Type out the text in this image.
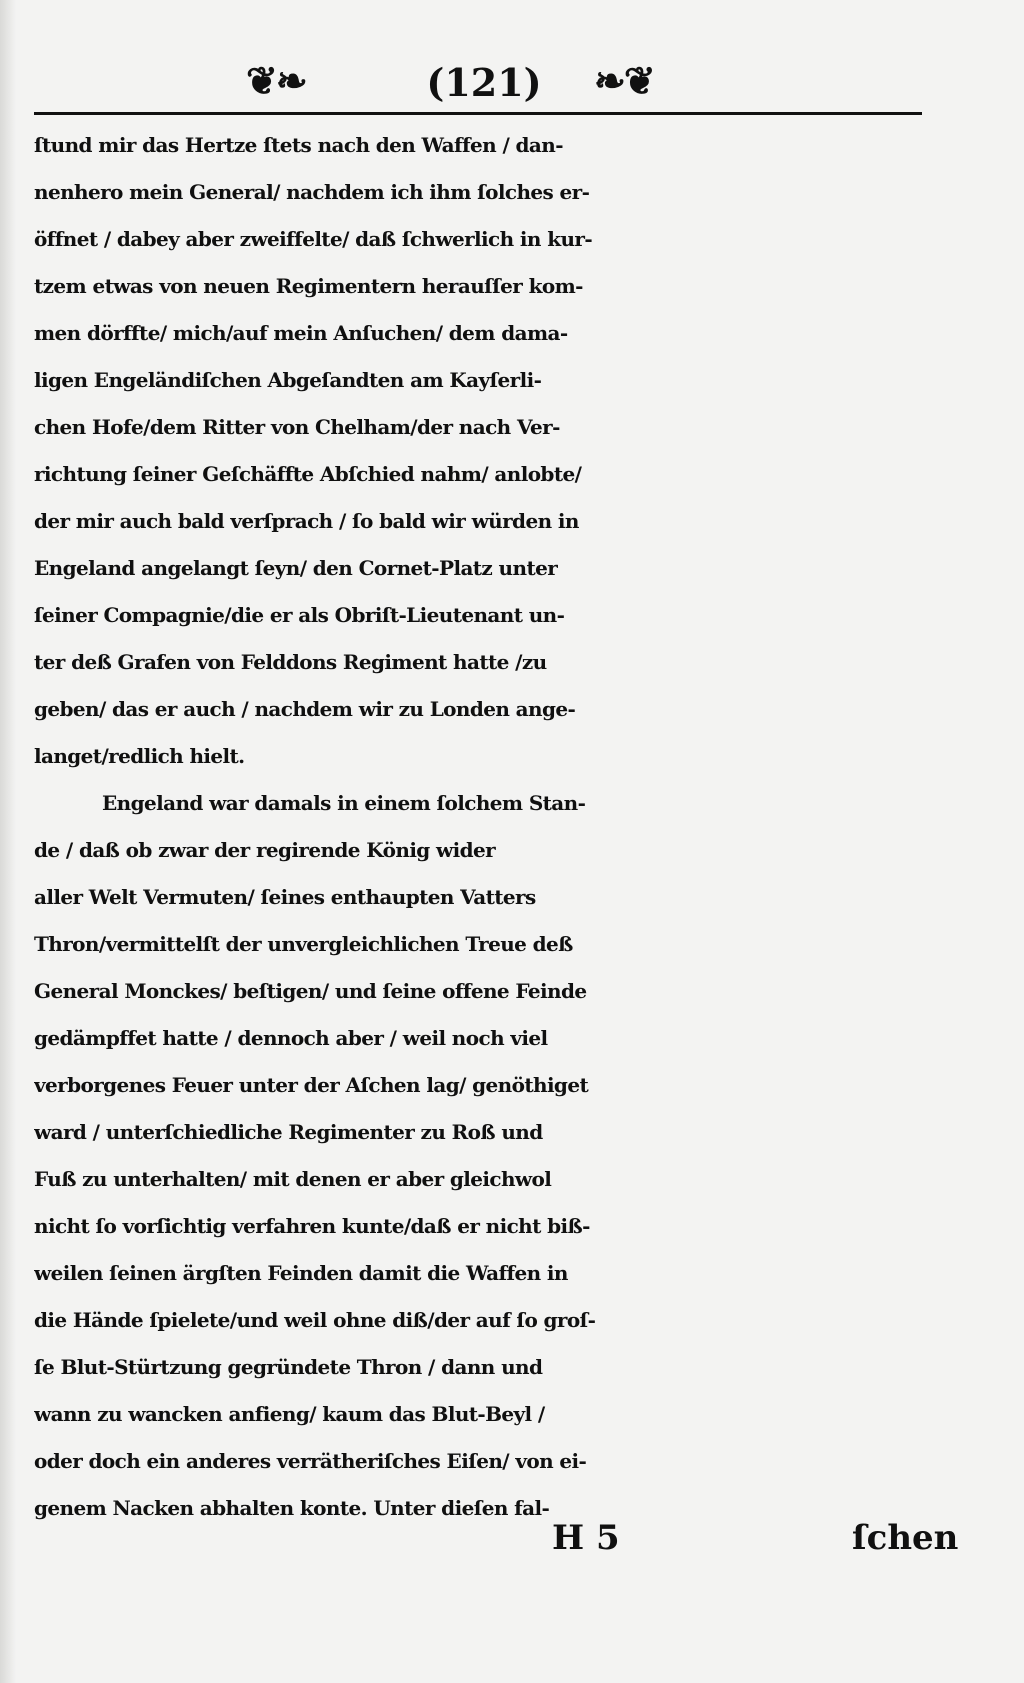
❦❧	(121)	❧❦
ſtund mir das Hertze ſtets nach den Waffen / dan-
nenhero mein General/ nachdem ich ihm ſolches er-
öffnet / dabey aber zweiffelte/ daß ſchwerlich in kur-
tzem etwas von neuen Regimentern herauſſer kom-
men dörffte/ mich/auf mein Anſuchen/ dem dama-
ligen Engeländiſchen Abgeſandten am Kayſerli-
chen Hofe/dem Ritter von Chelham/der nach Ver-
richtung ſeiner Geſchäffte Abſchied nahm/ anlobte/
der mir auch bald verſprach / ſo bald wir würden in
Engeland angelangt ſeyn/ den Cornet-Platz unter
ſeiner Compagnie/die er als Obriſt-Lieutenant un-
ter deß Grafen von Felddons Regiment hatte /zu
geben/ das er auch / nachdem wir zu Londen ange-
langet/redlich hielt.
Engeland war damals in einem ſolchem Stan-
de / daß ob zwar der regirende König wider
aller Welt Vermuten/ ſeines enthaupten Vatters
Thron/vermittelſt der unvergleichlichen Treue deß
General Monckes/ beſtigen/ und ſeine offene Feinde
gedämpffet hatte / dennoch aber / weil noch viel
verborgenes Feuer unter der Aſchen lag/ genöthiget
ward / unterſchiedliche Regimenter zu Roß und
Fuß zu unterhalten/ mit denen er aber gleichwol
nicht ſo vorſichtig verfahren kunte/daß er nicht biß-
weilen ſeinen ärgſten Feinden damit die Waffen in
die Hände ſpielete/und weil ohne diß/der auf ſo groſ-
ſe Blut-Stürtzung gegründete Thron / dann und
wann zu wancken anfieng/ kaum das Blut-Beyl /
oder doch ein anderes verrätheriſches Eiſen/ von ei-
genem Nacken abhalten konte. Unter dieſen fal-
H 5	ſchen
